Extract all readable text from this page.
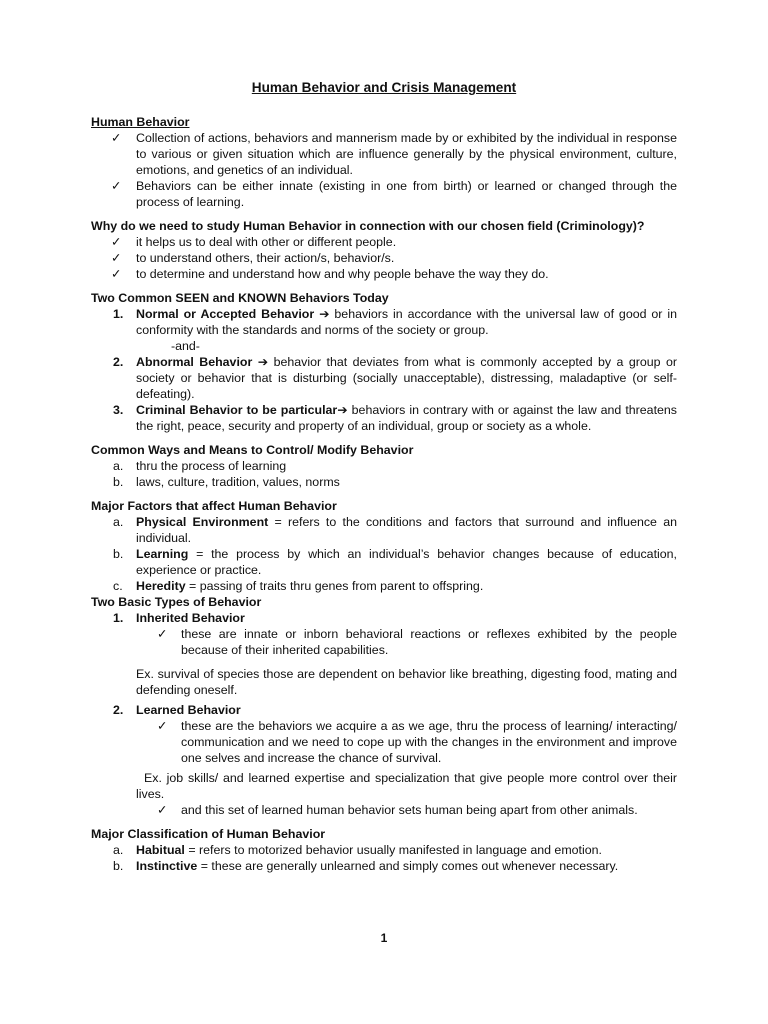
Human Behavior and Crisis Management
Human Behavior
✓	Collection of actions, behaviors and mannerism made by or exhibited by the individual in response to various or given situation which are influence generally by the physical environment, culture, emotions, and genetics of an individual.
✓	Behaviors can be either innate (existing in one from birth) or learned or changed through the process of learning.
Why do we need to study Human Behavior in connection with our chosen field (Criminology)?
✓	it helps us to deal with other or different people.
✓	to understand others, their action/s, behavior/s.
✓	to determine and understand how and why people behave the way they do.
Two Common SEEN and KNOWN Behaviors Today
1.	Normal or Accepted Behavior ➔ behaviors in accordance with the universal law of good or in conformity with the standards and norms of the society or group.
-and-
2.	Abnormal Behavior ➔ behavior that deviates from what is commonly accepted by a group or society or behavior that is disturbing (socially unacceptable), distressing, maladaptive (or self-defeating).
3.	Criminal Behavior to be particular➔ behaviors in contrary with or against the law and threatens the right, peace, security and property of an individual, group or society as a whole.
Common Ways and Means to Control/ Modify Behavior
a.	thru the process of learning
b.	laws, culture, tradition, values, norms
Major Factors that affect Human Behavior
a.	Physical Environment = refers to the conditions and factors that surround and influence an individual.
b.	Learning = the process by which an individual’s behavior changes because of education, experience or practice.
c.	Heredity = passing of traits thru genes from parent to offspring.
Two Basic Types of Behavior
1.	Inherited Behavior
✓ these are innate or inborn behavioral reactions or reflexes exhibited by the people because of their inherited capabilities.
Ex. survival of species those are dependent on behavior like breathing, digesting food, mating and defending oneself.
2.	Learned Behavior
✓ these are the behaviors we acquire a as we age, thru the process of learning/ interacting/ communication and we need to cope up with the changes in the environment and improve one selves and increase the chance of survival.
Ex. job skills/ and learned expertise and specialization that give people more control over their lives.
✓ and this set of learned human behavior sets human being apart from other animals.
Major Classification of Human Behavior
a.	Habitual = refers to motorized behavior usually manifested in language and emotion.
b.	Instinctive = these are generally unlearned and simply comes out whenever necessary.
1
